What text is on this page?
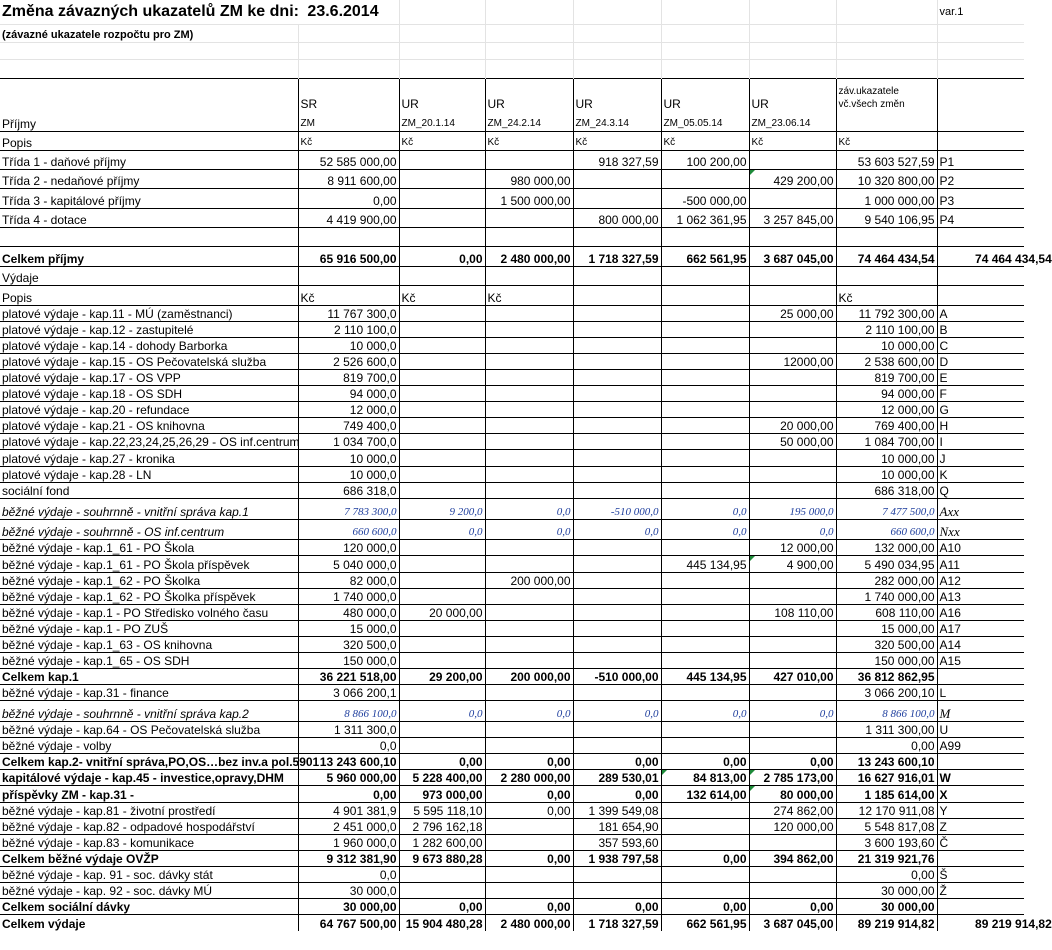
Změna závazných ukazatelů ZM ke dni: 23.6.2014								var.1	
(závazné ukazatele rozpočtu pro ZM)									

	SR	UR	UR	UR	UR	UR	záv.ukazatele
vč.všech změn		

Příjmy	ZM	ZM_20.1.14	ZM_24.2.14	ZM_24.3.14	ZM_05.05.14	ZM_23.06.14			
Popis	Kč	Kč	Kč	Kč	Kč	Kč	Kč		
Třída 1 - daňové příjmy	52 585 000,00			918 327,59	100 200,00		53 603 527,59	P1	
Třída 2 - nedaňové příjmy	8 911 600,00		980 000,00			429 200,00	10 320 800,00	P2	
Třída 3 - kapitálové příjmy	0,00		1 500 000,00		-500 000,00		1 000 000,00	P3	
Třída 4 - dotace	4 419 900,00			800 000,00	1 062 361,95	3 257 845,00	9 540 106,95	P4	

Celkem příjmy	65 916 500,00	0,00	2 480 000,00	1 718 327,59	662 561,95	3 687 045,00	74 464 434,54		74 464 434,54
Výdaje									
Popis	Kč	Kč	Kč				Kč		
platové výdaje - kap.11 - MÚ (zaměstnanci)	11 767 300,0					25 000,00	11 792 300,00	A	
platové výdaje - kap.12 - zastupitelé	2 110 100,0						2 110 100,00	B	
platové výdaje - kap.14 - dohody Barborka	10 000,0						10 000,00	C	
platové výdaje - kap.15 - OS Pečovatelská služba	2 526 600,0					12000,00	2 538 600,00	D	
platové výdaje - kap.17 - OS VPP	819 700,0						819 700,00	E	
platové výdaje - kap.18 - OS SDH	94 000,0						94 000,00	F	
platové výdaje - kap.20 - refundace	12 000,0						12 000,00	G	
platové výdaje - kap.21 - OS knihovna	749 400,0					20 000,00	769 400,00	H	
platové výdaje - kap.22,23,24,25,26,29 - OS inf.centrum	1 034 700,0					50 000,00	1 084 700,00	I	
platové výdaje - kap.27 - kronika	10 000,0						10 000,00	J	
platové výdaje - kap.28 - LN	10 000,0						10 000,00	K	
sociální fond	686 318,0						686 318,00	Q	
běžné výdaje - souhrnně - vnitřní správa kap.1	7 783 300,0	9 200,0	0,0	-510 000,0	0,0	195 000,0	7 477 500,0	Axx	
běžné výdaje - souhrnně - OS inf.centrum	660 600,0	0,0	0,0	0,0	0,0	0,0	660 600,0	Nxx	
běžné výdaje - kap.1_61 - PO Škola	120 000,0					12 000,00	132 000,00	A10	
běžné výdaje - kap.1_61 - PO Škola příspěvek	5 040 000,0				445 134,95	4 900,00	5 490 034,95	A11	
běžné výdaje - kap.1_62 - PO Školka	82 000,0		200 000,00				282 000,00	A12	
běžné výdaje - kap.1_62 - PO Školka příspěvek	1 740 000,0						1 740 000,00	A13	
běžné výdaje - kap.1 - PO Středisko volného času	480 000,0	20 000,00				108 110,00	608 110,00	A16	
běžné výdaje - kap.1 - PO ZUŠ	15 000,0						15 000,00	A17	
běžné výdaje - kap.1_63 - OS knihovna	320 500,0						320 500,00	A14	
běžné výdaje - kap.1_65 - OS SDH	150 000,0						150 000,00	A15	
Celkem kap.1	36 221 518,00	29 200,00	200 000,00	-510 000,00	445 134,95	427 010,00	36 812 862,95		
běžné výdaje - kap.31 - finance	3 066 200,1						3 066 200,10	L	
běžné výdaje - souhrnně - vnitřní správa kap.2	8 866 100,0	0,0	0,0	0,0	0,0	0,0	8 866 100,0	M	
běžné výdaje - kap.64 - OS Pečovatelská služba	1 311 300,0						1 311 300,00	U	
běžné výdaje - volby	0,0						0,00	A99	
Celkem kap.2- vnitřní správa,PO,OS…bez inv.a pol.5901	13 243 600,10	0,00	0,00	0,00	0,00	0,00	13 243 600,10		
kapitálové výdaje - kap.45 - investice,opravy,DHM	5 960 000,00	5 228 400,00	2 280 000,00	289 530,01	84 813,00	2 785 173,00	16 627 916,01	W	
příspěvky ZM - kap.31 -	0,00	973 000,00	0,00	0,00	132 614,00	80 000,00	1 185 614,00	X	
běžné výdaje - kap.81 - životní prostředí	4 901 381,9	5 595 118,10	0,00	1 399 549,08		274 862,00	12 170 911,08	Y	
běžné výdaje - kap.82 - odpadové hospodářství	2 451 000,0	2 796 162,18		181 654,90		120 000,00	5 548 817,08	Z	
běžné výdaje - kap.83 - komunikace	1 960 000,0	1 282 600,00		357 593,60			3 600 193,60	Č	
Celkem běžné výdaje OVŽP	9 312 381,90	9 673 880,28	0,00	1 938 797,58	0,00	394 862,00	21 319 921,76		
běžné výdaje - kap. 91 - soc. dávky stát	0,0						0,00	Š	
běžné výdaje - kap. 92 - soc. dávky MÚ	30 000,0						30 000,00	Ž	
Celkem sociální dávky	30 000,00	0,00	0,00	0,00	0,00	0,00	30 000,00		
Celkem výdaje	64 767 500,00	15 904 480,28	2 480 000,00	1 718 327,59	662 561,95	3 687 045,00	89 219 914,82		89 219 914,82
